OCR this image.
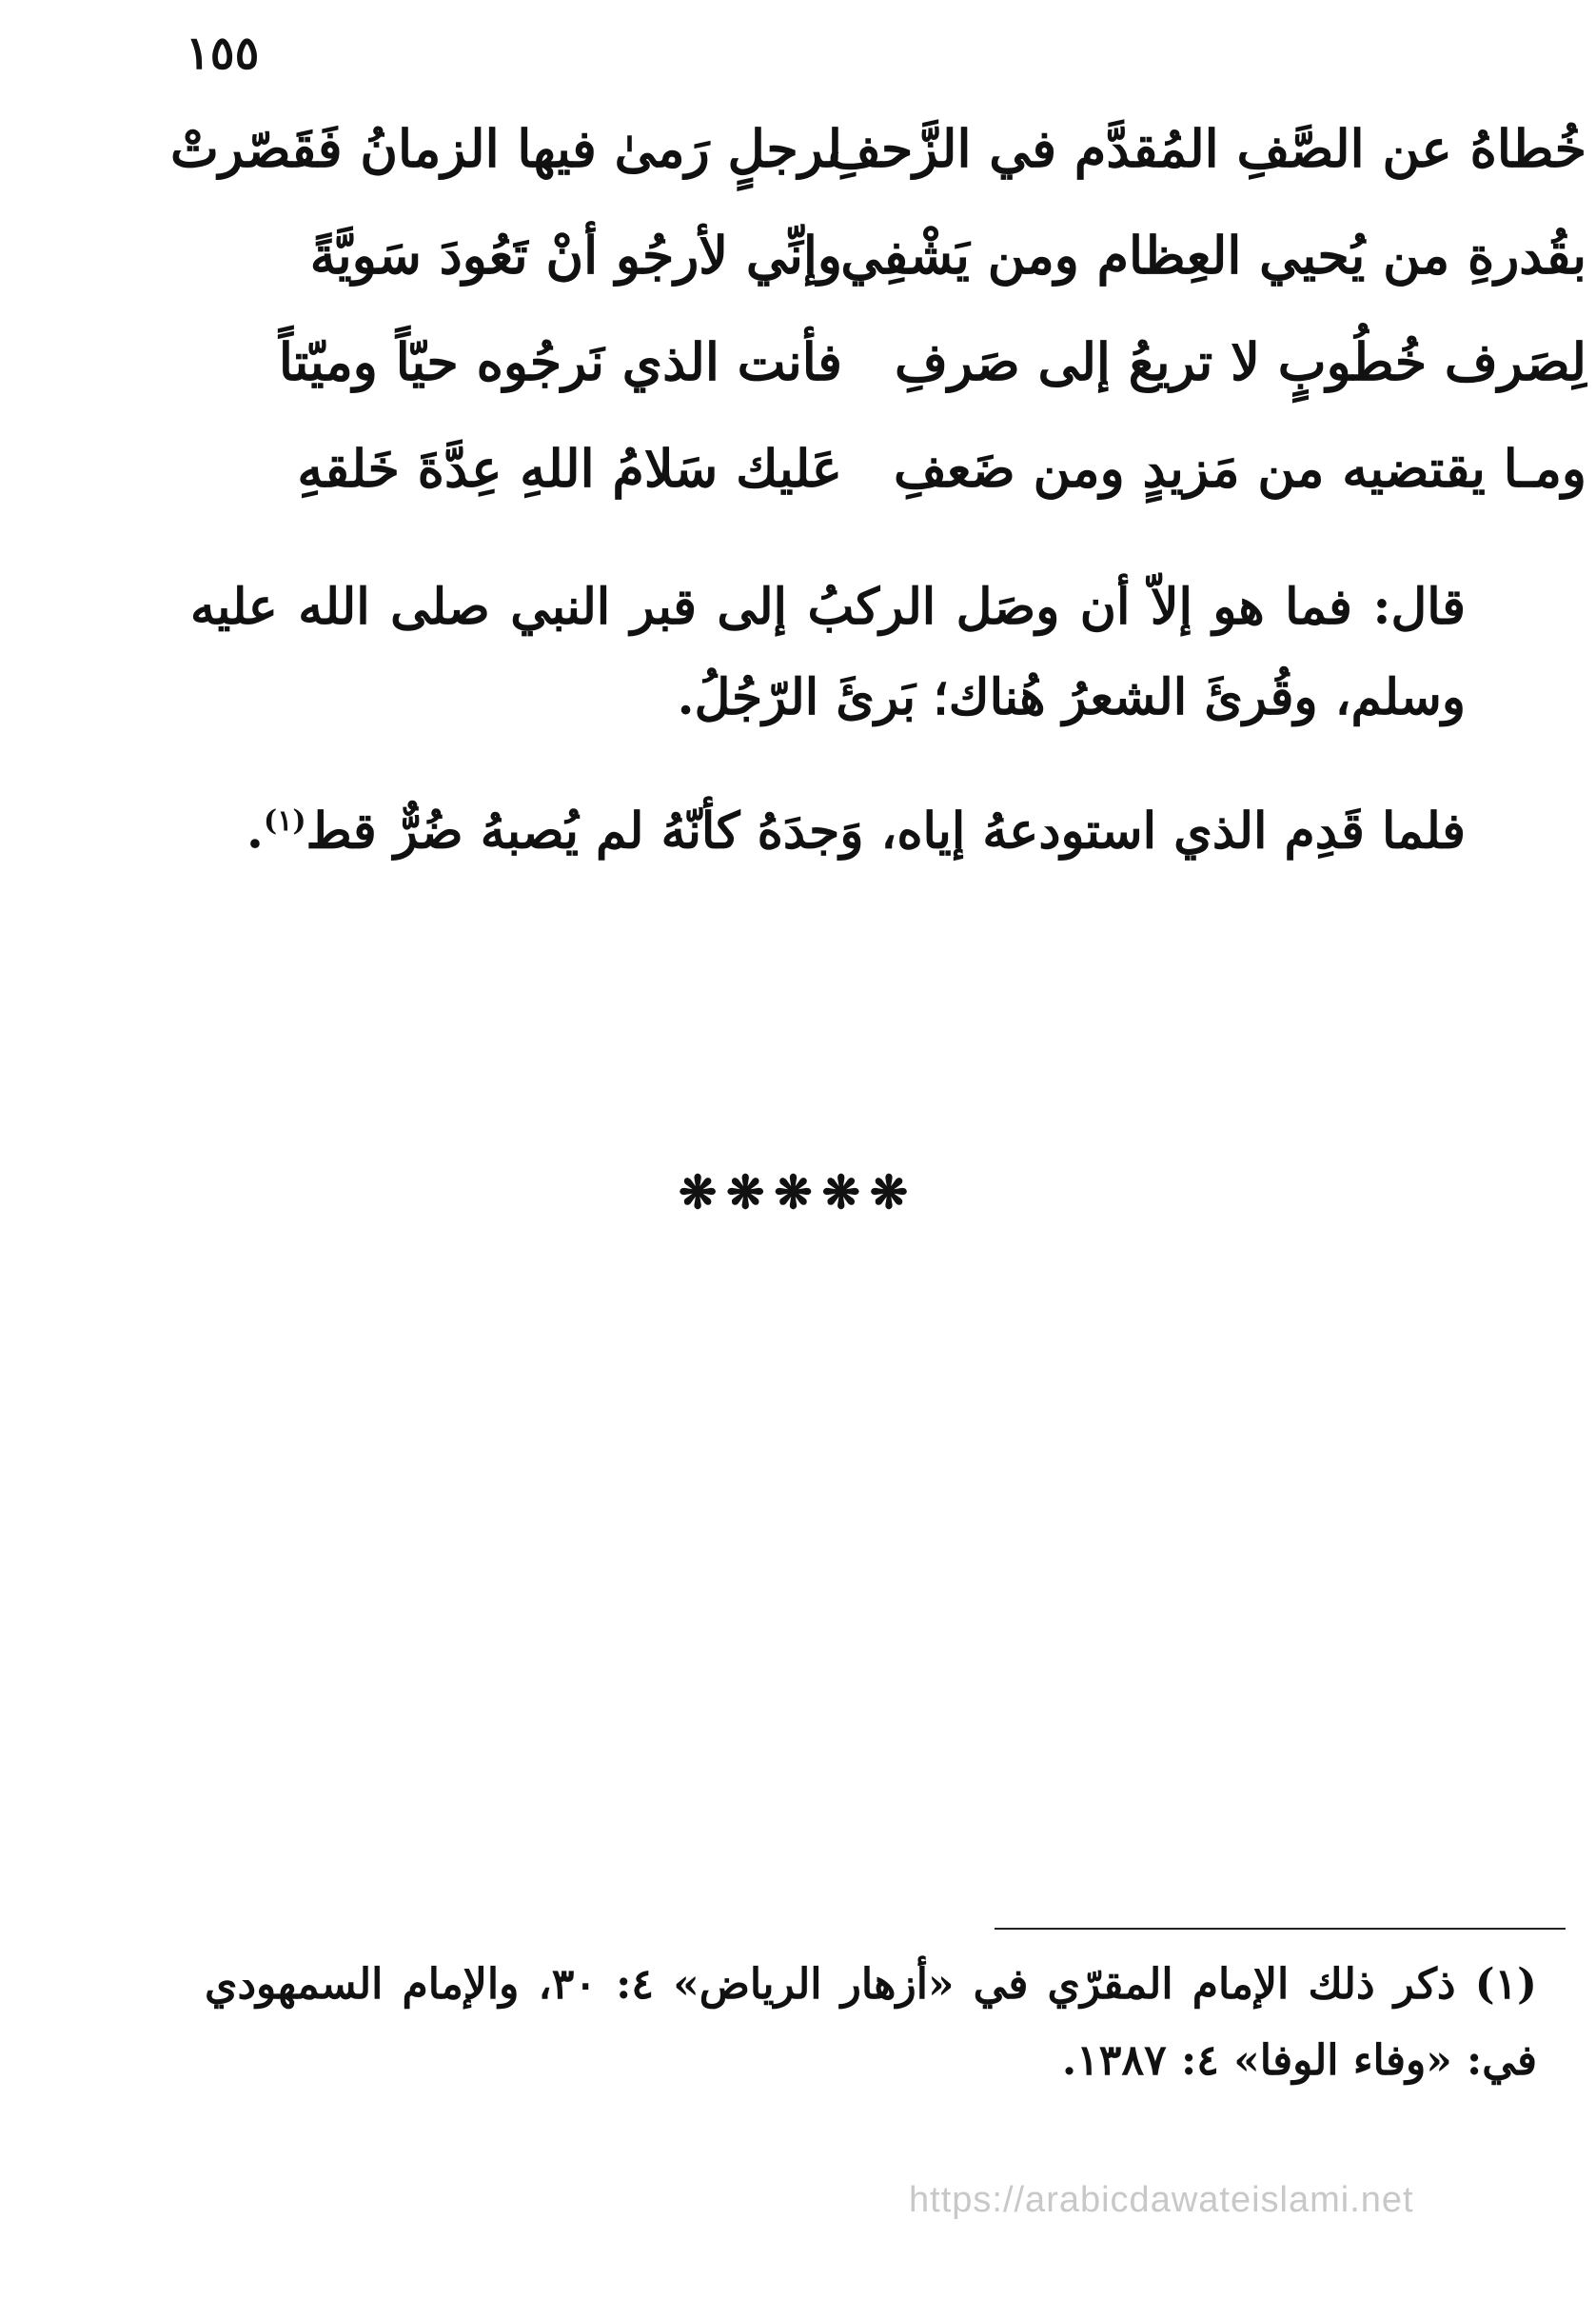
١٥٥
لرجلٍ رَمىٰ فيها الزمانُ فَقَصّرتْ
خُطاهُ عن الصَّفِ المُقدَّم في الزَّحفِ
وإنِّي لأرجُو أنْ تَعُودَ سَويَّةً
بقُدرةِ من يُحيي العِظام ومن يَشْفِي
فأنت الذي نَرجُوه حيّاً وميّتاً لِصَرف خُطُوبٍ لا تريعُ إلى صَرفِ
عَليك سَلامُ اللهِ عِدَّةَ خَلقهِ ومـا يقتضيه من مَزيدٍ ومن ضَعفِ
قال: فما هو إلاّ أن وصَل الركبُ إلى قبر النبي صلى الله عليه وسلم، وقُرئَ الشعرُ هُناك؛ بَرئَ الرّجُلُ.
فلما قَدِم الذي استودعهُ إياه، وَجدَهُ كأنّهُ لم يُصبهُ ضُرٌّ قط$^{(١)}$.
❋❋❋❋❋
(١) ذكر ذلك الإمام المقرّي في «أزهار الرياض» ٤: ٣٠، والإمام السمهودي في: «وفاء الوفا» ٤: ١٣٨٧.
https://arabicdawateislami.net
